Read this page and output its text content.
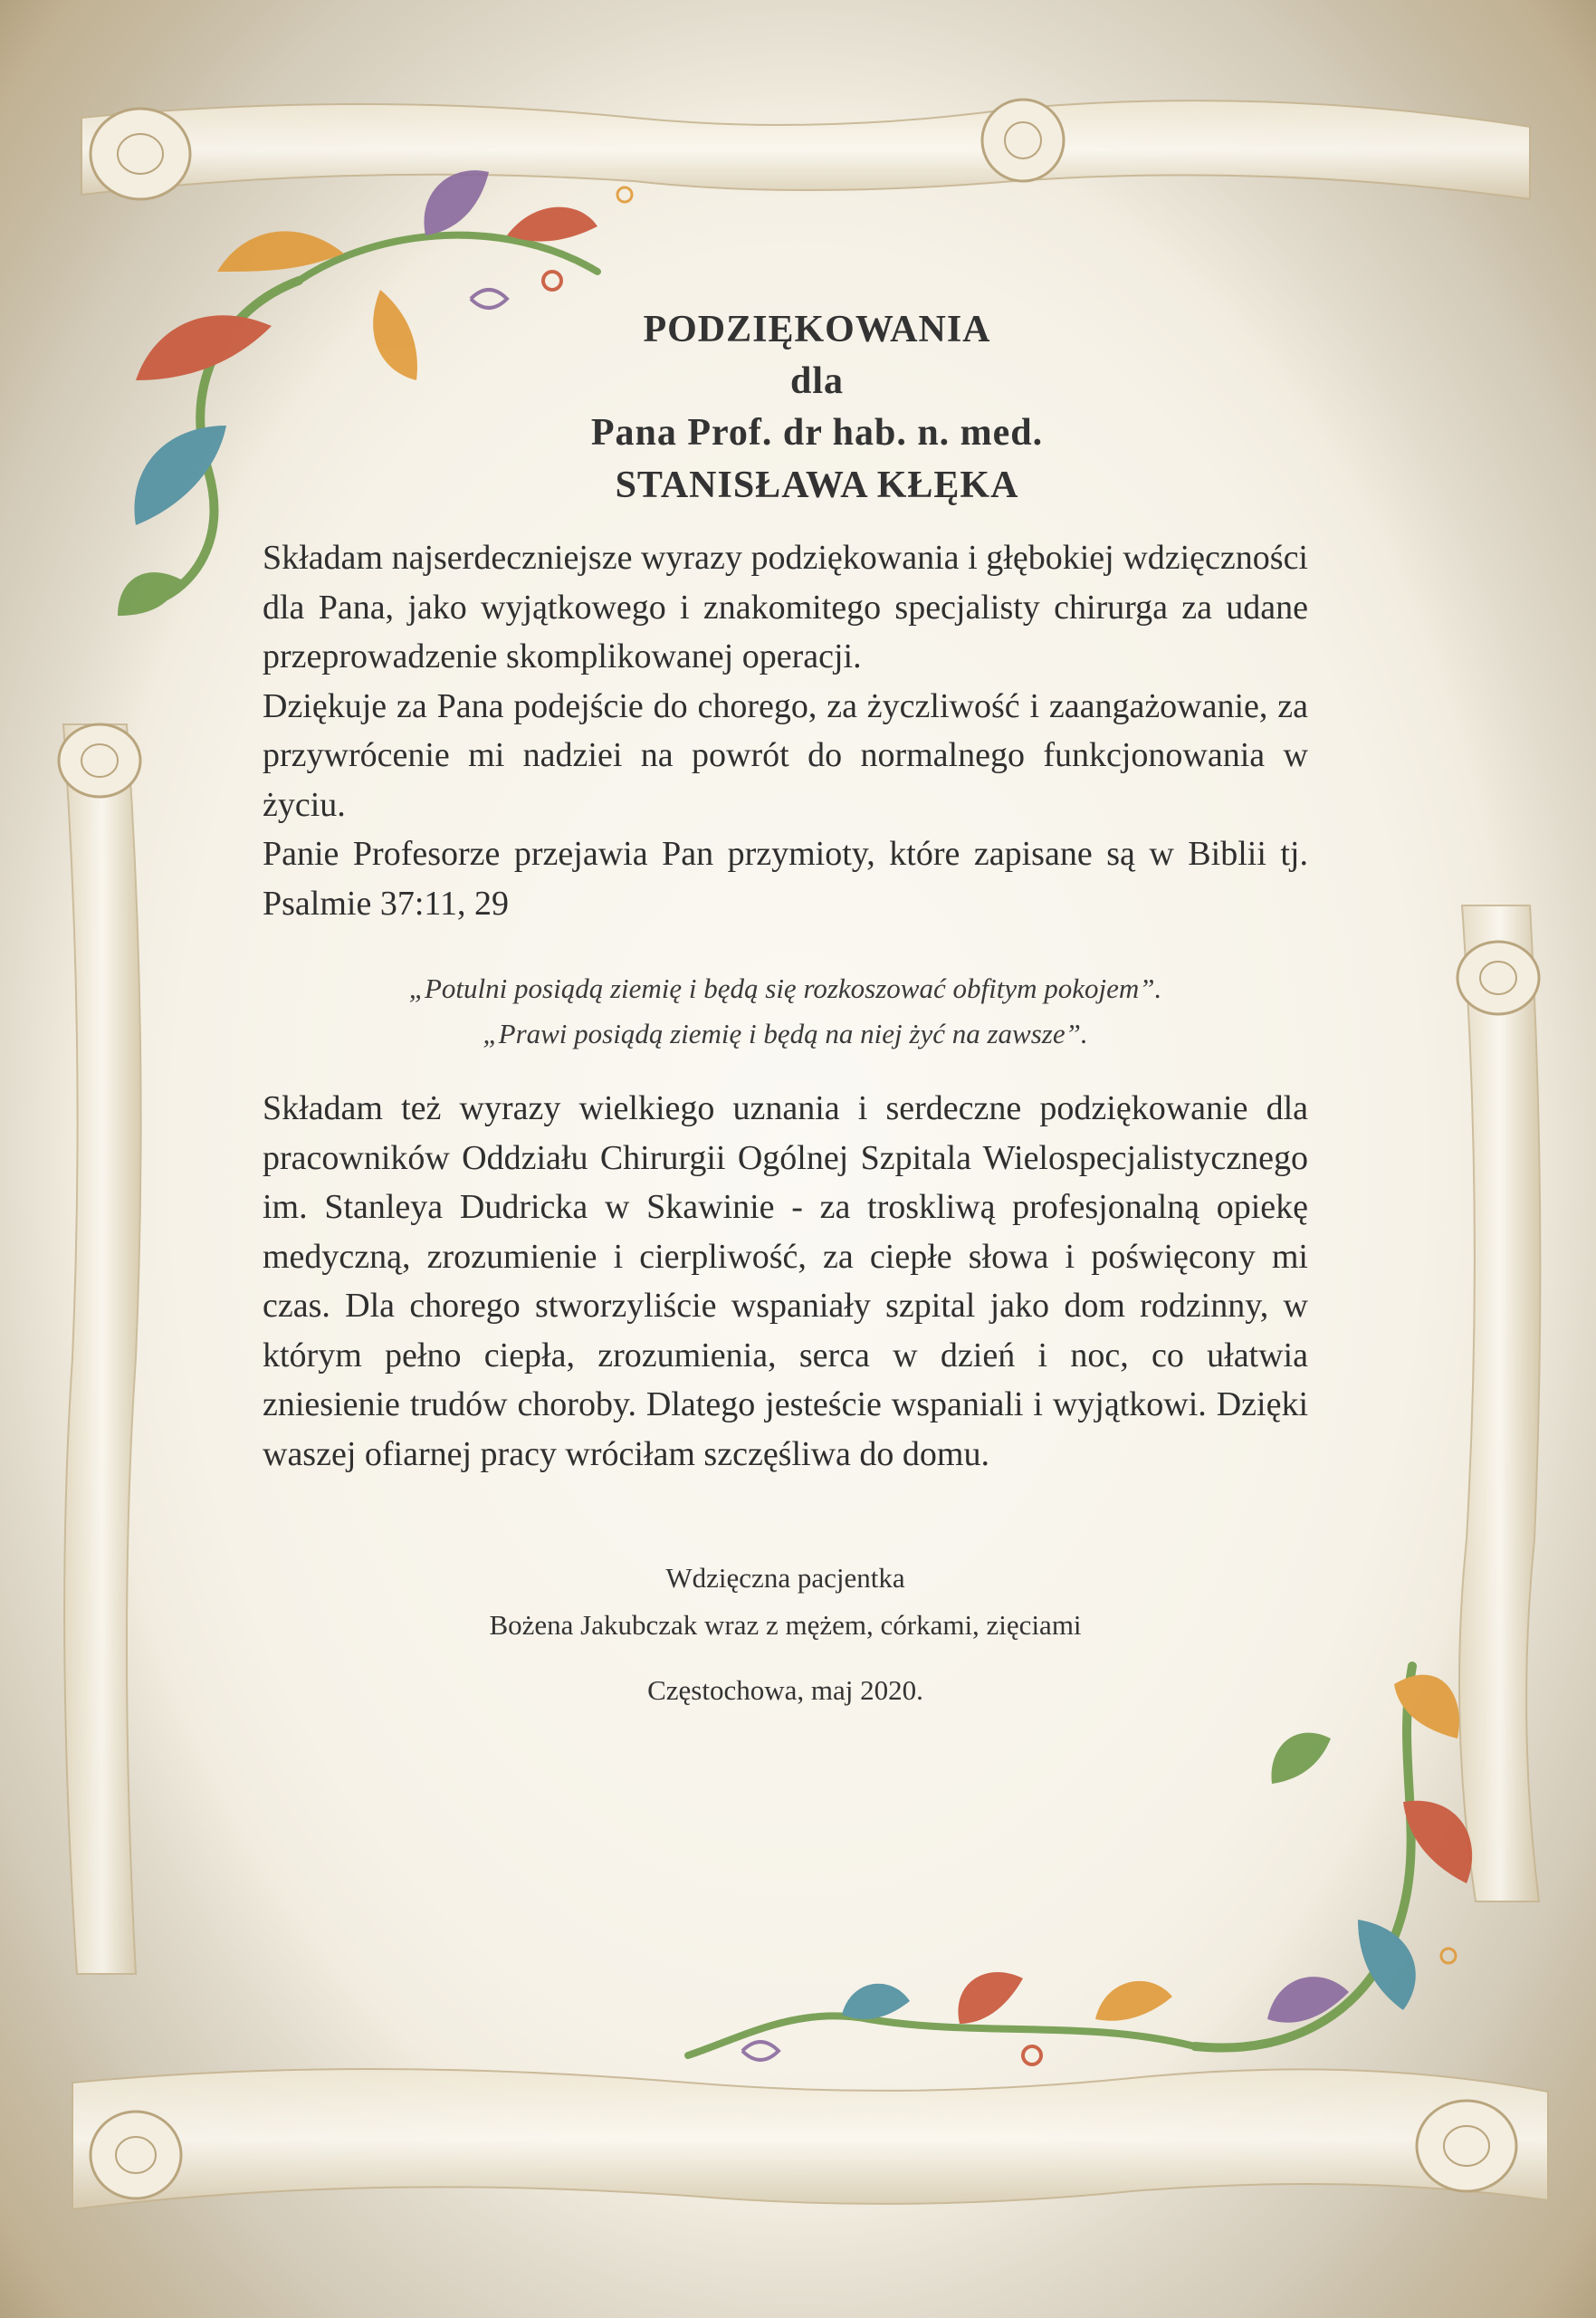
PODZIĘKOWANIA

dla

Pana Prof. dr hab. n. med.

STANISŁAWA KŁĘKA

Składam najserdeczniejsze wyrazy podziękowania i głębokiej wdzięczności dla Pana, jako wyjątkowego i znakomitego specjalisty chirurga za udane przeprowadzenie skomplikowanej operacji.

Dziękuje za Pana podejście do chorego, za życzliwość i zaangażowanie, za przywrócenie mi nadziei na powrót do normalnego funkcjonowania w życiu.

Panie Profesorze przejawia Pan przymioty, które zapisane są w Biblii tj. Psalmie 37:11, 29

„Potulni posiądą ziemię i będą się rozkoszować obfitym pokojem”.
„Prawi posiądą ziemię i będą na niej żyć na zawsze”.

Składam też wyrazy wielkiego uznania i serdeczne podziękowanie dla pracowników Oddziału Chirurgii Ogólnej Szpitala Wielospecjalistycznego im. Stanleya Dudricka w Skawinie - za troskliwą profesjonalną opiekę medyczną, zrozumienie i cierpliwość, za ciepłe słowa i poświęcony mi czas. Dla chorego stworzyliście wspaniały szpital jako dom rodzinny, w którym pełno ciepła, zrozumienia, serca w dzień i noc, co ułatwia zniesienie trudów choroby. Dlatego jesteście wspaniali i wyjątkowi. Dzięki waszej ofiarnej pracy wróciłam szczęśliwa do domu.

Wdzięczna pacjentka
Bożena Jakubczak wraz z mężem, córkami, zięciami
Częstochowa, maj 2020.
